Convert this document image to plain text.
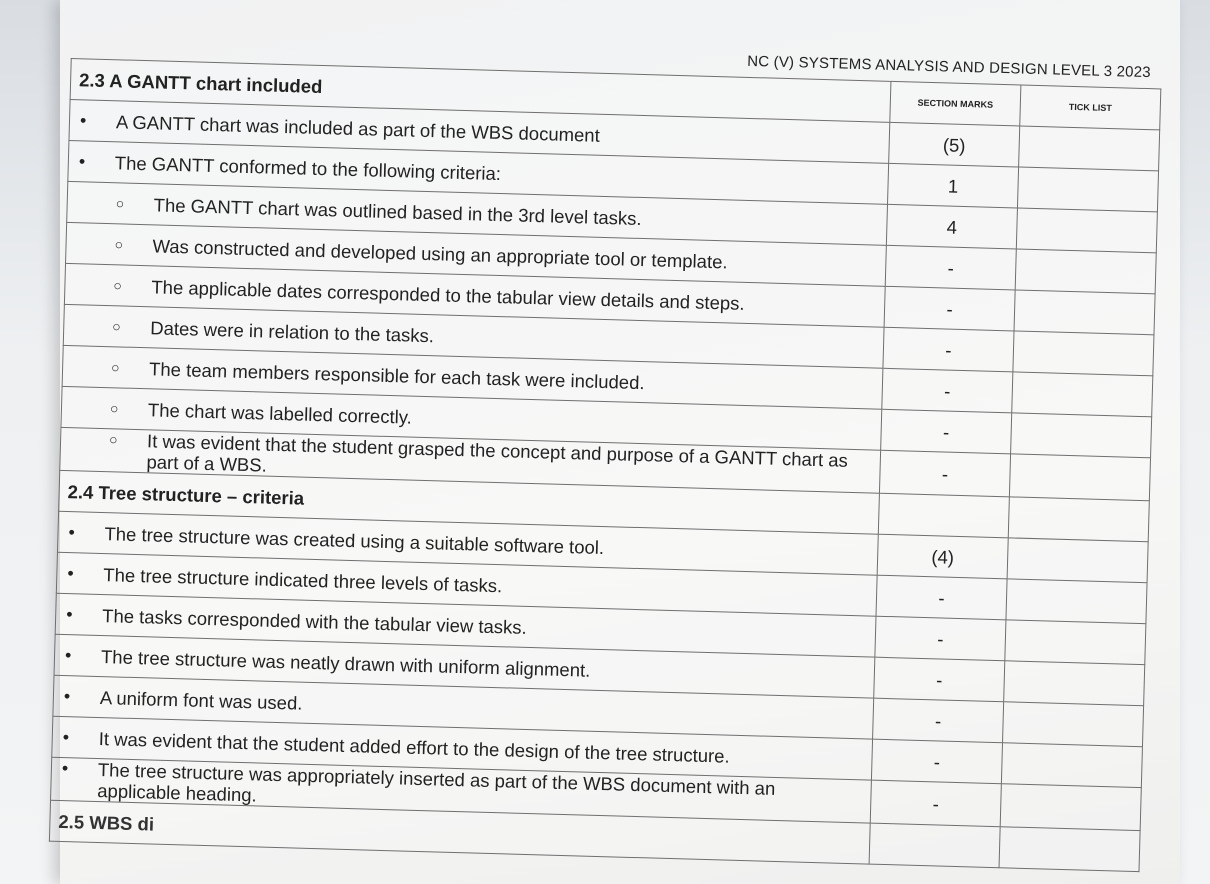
NC (V) SYSTEMS ANALYSIS AND DESIGN LEVEL 3 2023
2.3 A GANTT chart included	SECTION MARKS	TICK LIST

• A GANTT chart was included as part of the WBS document	(5)	

• The GANTT conformed to the following criteria:	1	

○ The GANTT chart was outlined based in the 3rd level tasks.	4	

○ Was constructed and developed using an appropriate tool or template.	-	

○ The applicable dates corresponded to the tabular view details and steps.	-	

○ Dates were in relation to the tasks.	-	

○ The team members responsible for each task were included.	-	

○ The chart was labelled correctly.	-	

○ It was evident that the student grasped the concept and purpose of a GANTT chart as part of a WBS.	-	
2.4 Tree structure – criteria		

• The tree structure was created using a suitable software tool.	(4)	

• The tree structure indicated three levels of tasks.	-	

• The tasks corresponded with the tabular view tasks.	-	

• The tree structure was neatly drawn with uniform alignment.	-	

• A uniform font was used.	-	

• It was evident that the student added effort to the design of the tree structure.	-	

• The tree structure was appropriately inserted as part of the WBS document with an applicable heading.	-	
2.5 WBS di		
